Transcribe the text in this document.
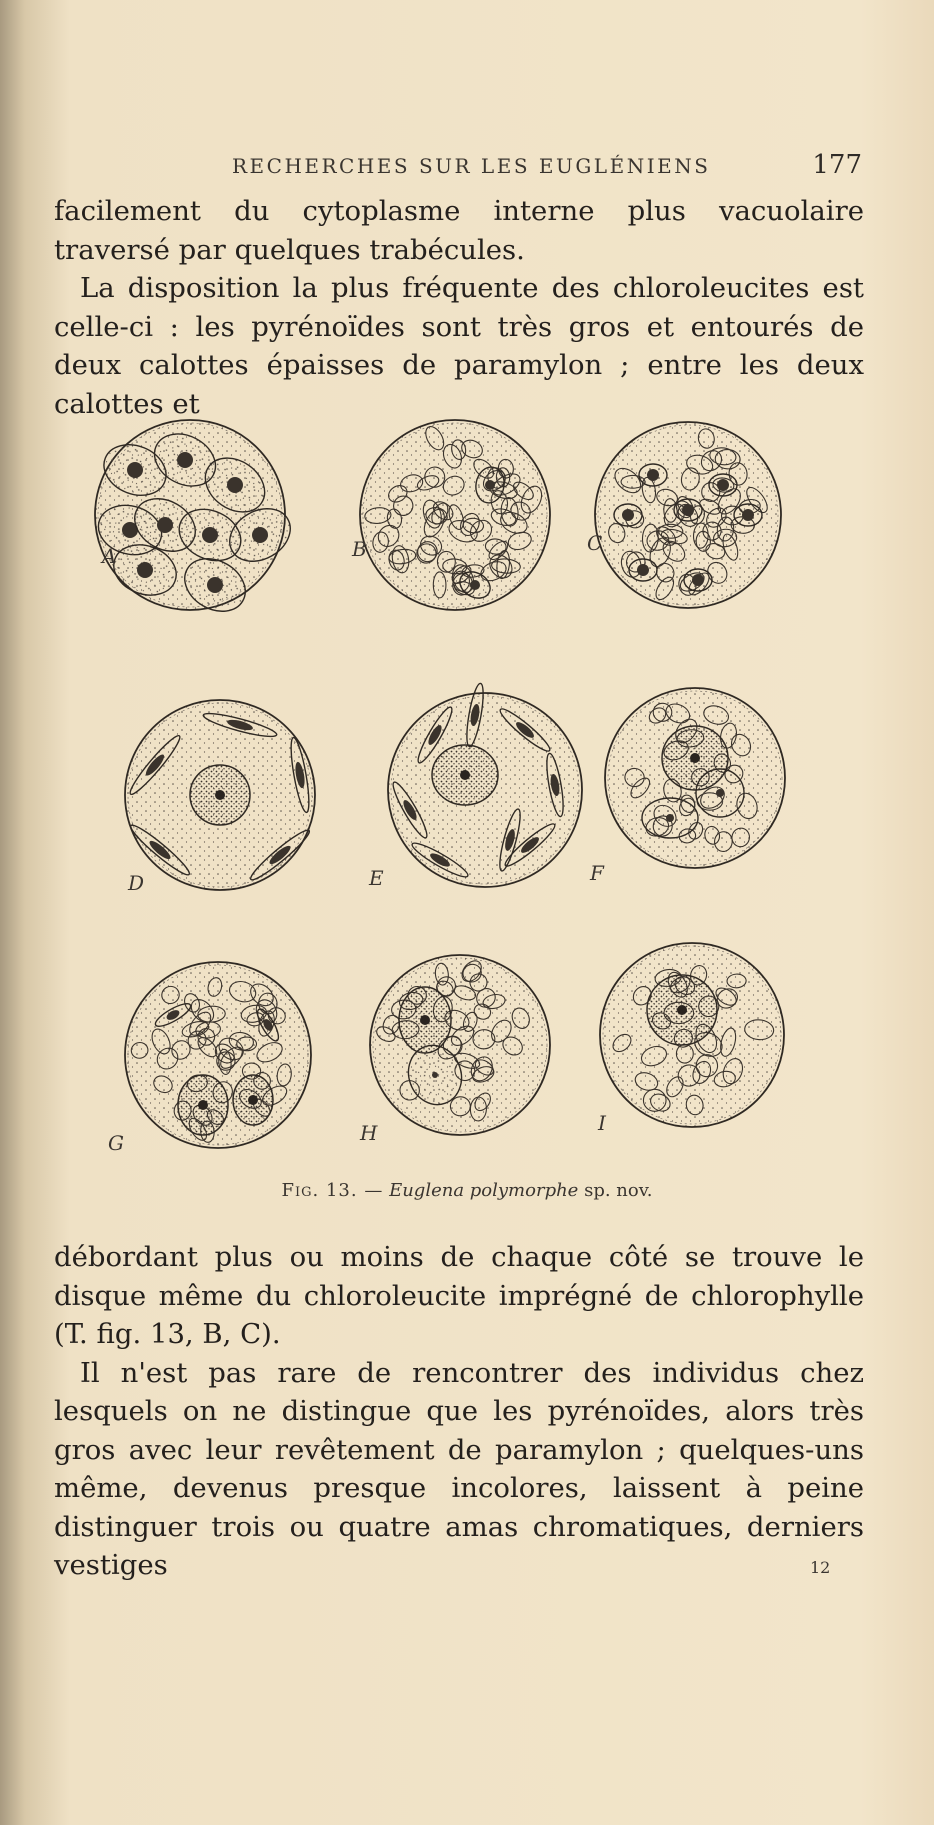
RECHERCHES SUR LES EUGLÉNIENS	177

facilement du cytoplasme interne plus vacuolaire traversé par quelques trabécules.

La disposition la plus fréquente des chloroleucites est celle-ci : les pyrénoïdes sont très gros et entourés de deux calottes épaisses de paramylon ; entre les deux calottes et

A	B	C
D	E	F
G	H	I
Fig. 13. — Euglena polymorphe sp. nov.

débordant plus ou moins de chaque côté se trouve le disque même du chloroleucite imprégné de chlorophylle (T. fig. 13, B, C).

Il n'est pas rare de rencontrer des individus chez lesquels on ne distingue que les pyrénoïdes, alors très gros avec leur revêtement de paramylon ; quelques-uns même, devenus presque incolores, laissent à peine distinguer trois ou quatre amas chromatiques, derniers vestiges	12
